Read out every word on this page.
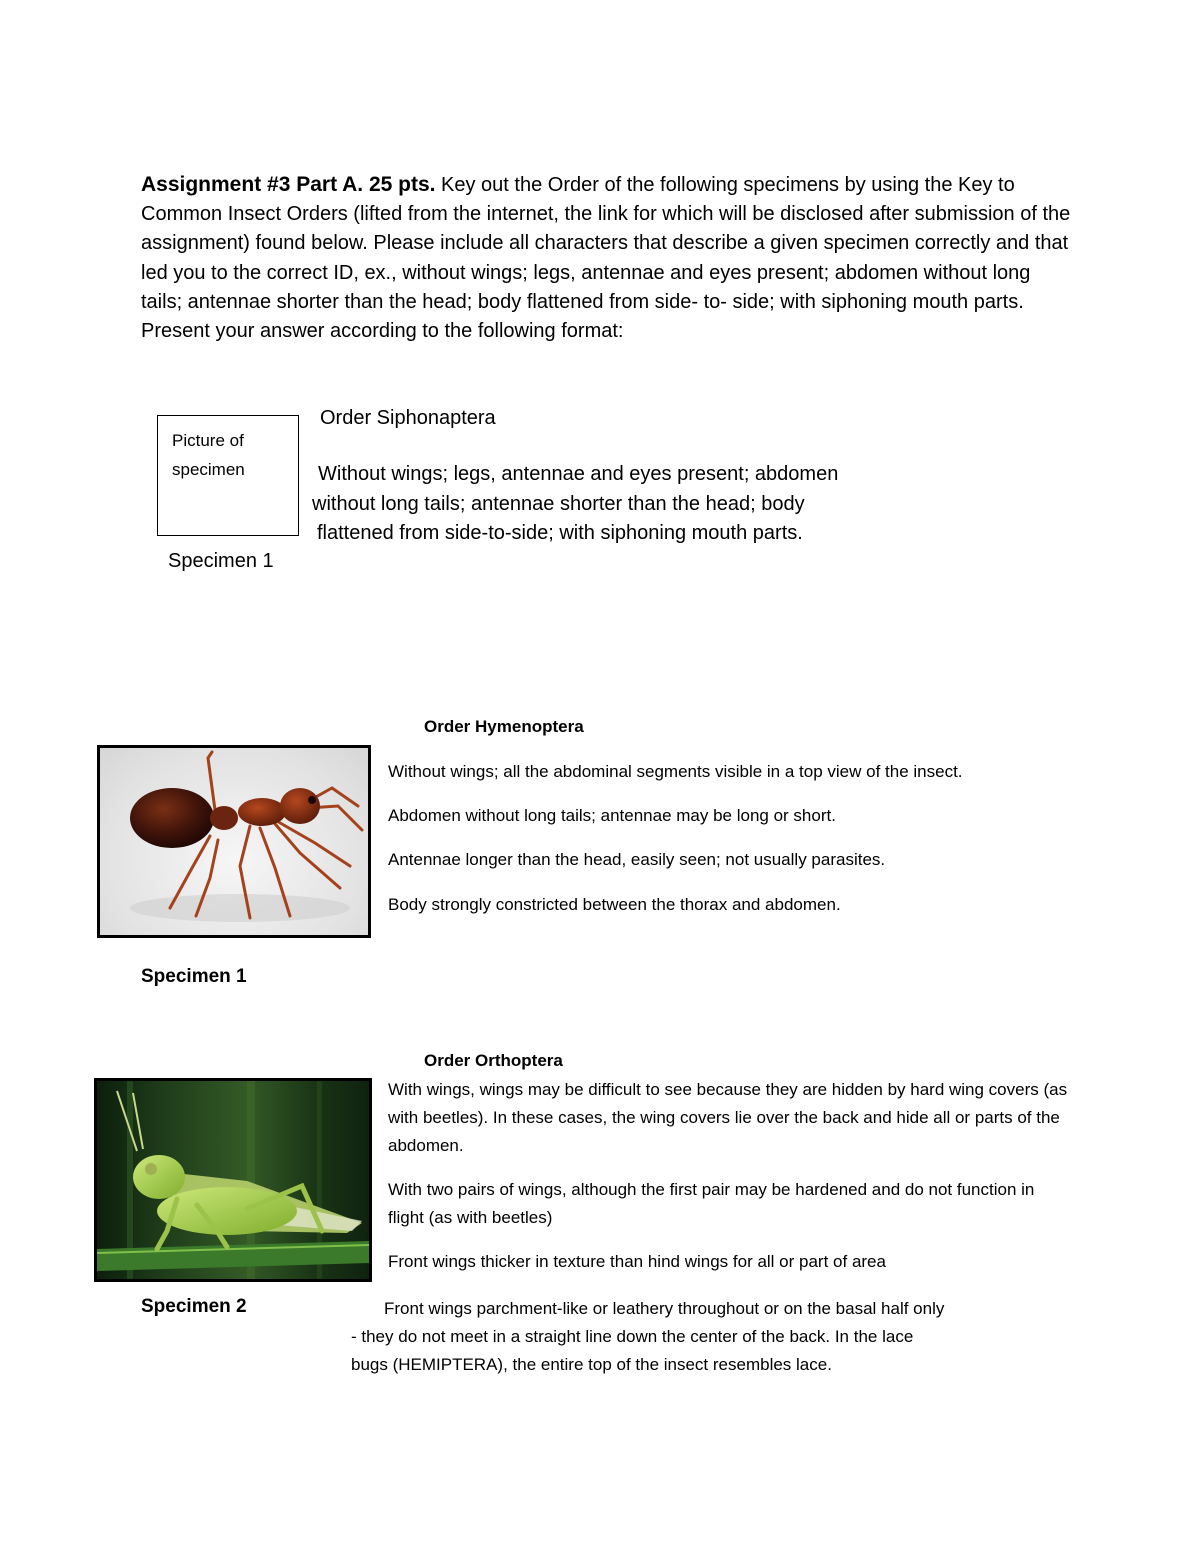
Assignment #3 Part A. 25 pts. Key out the Order of the following specimens by using the Key to Common Insect Orders (lifted from the internet, the link for which will be disclosed after submission of the assignment) found below. Please include all characters that describe a given specimen correctly and that led you to the correct ID, ex., without wings; legs, antennae and eyes present; abdomen without long tails; antennae shorter than the head; body flattened from side- to- side; with siphoning mouth parts. Present your answer according to the following format:
Picture of specimen
Order Siphonaptera
Without wings; legs, antennae and eyes present; abdomen
without long tails; antennae shorter than the head; body
flattened from side-to-side; with siphoning mouth parts.
Specimen 1
Order Hymenoptera

Without wings; all the abdominal segments visible in a top view of the insect.

Abdomen without long tails; antennae may be long or short.

Antennae longer than the head, easily seen; not usually parasites.

Body strongly constricted between the thorax and abdomen.

Specimen 1
Order Orthoptera

With wings, wings may be difficult to see because they are hidden by hard wing covers (as with beetles). In these cases, the wing covers lie over the back and hide all or parts of the abdomen.

With two pairs of wings, although the first pair may be hardened and do not function in flight (as with beetles)

Front wings thicker in texture than hind wings for all or part of area

Specimen 2	Front wings parchment-like or leathery throughout or on the basal half only
- they do not meet in a straight line down the center of the back. In the lace
bugs (HEMIPTERA), the entire top of the insect resembles lace.
